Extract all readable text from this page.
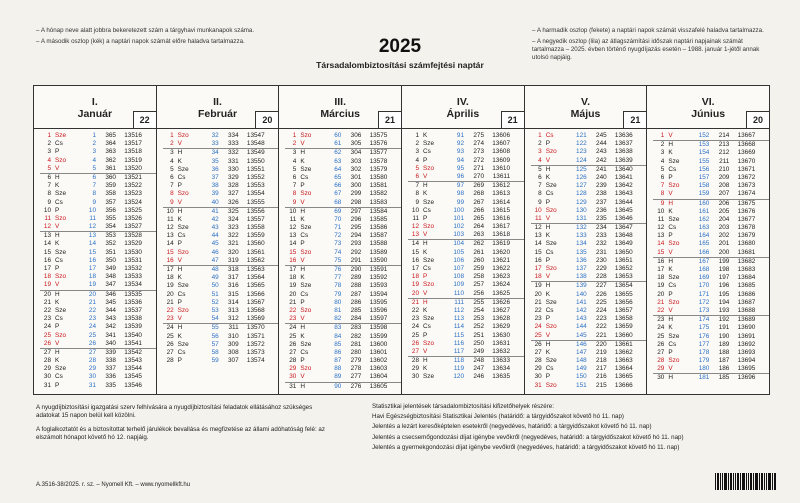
– A hónap neve alatt jobbra bekeretezett szám a tárgyhavi munkanapok száma.
– A második oszlop (kék) a naptári napok számát előre haladva tartalmazza.
– A harmadik oszlop (fekete) a naptári napok számát visszafelé haladva tartalmazza.
– A negyedik oszlop (lila) az átlagszámítási időszak naptári napjainak számát tartalmazza – 2025. évben történő nyugdíjazás esetén – 1988. január 1-jétől annak utolsó napjáig.
2025
Társadalombiztosítási számfejtési naptár
I.
Január	22
1 Sze	1	365	13516
2 Cs	2	364	13517
3 P	3	363	13518
4 Szo	4	362	13519
5 V	5	361	13520
6 H	6	360	13521
7 K	7	359	13522
8 Sze	8	358	13523
9 Cs	9	357	13524
10 P	10	356	13525
11 Szo	11	355	13526
12 V	12	354	13527
13 H	13	353	13528
14 K	14	352	13529
15 Sze	15	351	13530
16 Cs	16	350	13531
17 P	17	349	13532
18 Szo	18	348	13533
19 V	19	347	13534
20 H	20	346	13535
21 K	21	345	13536
22 Sze	22	344	13537
23 Cs	23	343	13538
24 P	24	342	13539
25 Szo	25	341	13540
26 V	26	340	13541
27 H	27	339	13542
28 K	28	338	13543
29 Sze	29	337	13544
30 Cs	30	336	13545
31 P	31	335	13546
II.
Február	20
1 Szo	32	334	13547
2 V	33	333	13548
3 H	34	332	13549
4 K	35	331	13550
5 Sze	36	330	13551
6 Cs	37	329	13552
7 P	38	328	13553
8 Szo	39	327	13554
9 V	40	326	13555
10 H	41	325	13556
11 K	42	324	13557
12 Sze	43	323	13558
13 Cs	44	322	13559
14 P	45	321	13560
15 Szo	46	320	13561
16 V	47	319	13562
17 H	48	318	13563
18 K	49	317	13564
19 Sze	50	316	13565
20 Cs	51	315	13566
21 P	52	314	13567
22 Szo	53	313	13568
23 V	54	312	13569
24 H	55	311	13570
25 K	56	310	13571
26 Sze	57	309	13572
27 Cs	58	308	13573
28 P	59	307	13574
III.
Március	21
1 Szo	60	306	13575
2 V	61	305	13576
3 H	62	304	13577
4 K	63	303	13578
5 Sze	64	302	13579
6 Cs	65	301	13580
7 P	66	300	13581
8 Szo	67	299	13582
9 V	68	298	13583
10 H	69	297	13584
11 K	70	296	13585
12 Sze	71	295	13586
13 Cs	72	294	13587
14 P	73	293	13588
15 Szo	74	292	13589
16 V	75	291	13590
17 H	76	290	13591
18 K	77	289	13592
19 Sze	78	288	13593
20 Cs	79	287	13594
21 P	80	286	13595
22 Szo	81	285	13596
23 V	82	284	13597
24 H	83	283	13598
25 K	84	282	13599
26 Sze	85	281	13600
27 Cs	86	280	13601
28 P	87	279	13602
29 Szo	88	278	13603
30 V	89	277	13604
31 H	90	276	13605
IV.
Április	21
1 K	91	275	13606
2 Sze	92	274	13607
3 Cs	93	273	13608
4 P	94	272	13609
5 Szo	95	271	13610
6 V	96	270	13611
7 H	97	269	13612
8 K	98	268	13613
9 Sze	99	267	13614
10 Cs	100	266	13615
11 P	101	265	13616
12 Szo	102	264	13617
13 V	103	263	13618
14 H	104	262	13619
15 K	105	261	13620
16 Sze	106	260	13621
17 Cs	107	259	13622
18 P	108	258	13623
19 Szo	109	257	13624
20 V	110	256	13625
21 H	111	255	13626
22 K	112	254	13627
23 Sze	113	253	13628
24 Cs	114	252	13629
25 P	115	251	13630
26 Szo	116	250	13631
27 V	117	249	13632
28 H	118	248	13633
29 K	119	247	13634
30 Sze	120	246	13635
V.
Május	21
1 Cs	121	245	13636
2 P	122	244	13637
3 Szo	123	243	13638
4 V	124	242	13639
5 H	125	241	13640
6 K	126	240	13641
7 Sze	127	239	13642
8 Cs	128	238	13643
9 P	129	237	13644
10 Szo	130	236	13645
11 V	131	235	13646
12 H	132	234	13647
13 K	133	233	13648
14 Sze	134	232	13649
15 Cs	135	231	13650
16 P	136	230	13651
17 Szo	137	229	13652
18 V	138	228	13653
19 H	139	227	13654
20 K	140	226	13655
21 Sze	141	225	13656
22 Cs	142	224	13657
23 P	143	223	13658
24 Szo	144	222	13659
25 V	145	221	13660
26 H	146	220	13661
27 K	147	219	13662
28 Sze	148	218	13663
29 Cs	149	217	13664
30 P	150	216	13665
31 Szo	151	215	13666
VI.
Június	20
1 V	152	214	13667
2 H	153	213	13668
3 K	154	212	13669
4 Sze	155	211	13670
5 Cs	156	210	13671
6 P	157	209	13672
7 Szo	158	208	13673
8 V	159	207	13674
9 H	160	206	13675
10 K	161	205	13676
11 Sze	162	204	13677
12 Cs	163	203	13678
13 P	164	202	13679
14 Szo	165	201	13680
15 V	166	200	13681
16 H	167	199	13682
17 K	168	198	13683
18 Sze	169	197	13684
19 Cs	170	196	13685
20 P	171	195	13686
21 Szo	172	194	13687
22 V	173	193	13688
23 H	174	192	13689
24 K	175	191	13690
25 Sze	176	190	13691
26 Cs	177	189	13692
27 P	178	188	13693
28 Szo	179	187	13694
29 V	180	186	13695
30 H	181	185	13696
A nyugdíjbiztosítási igazgatási szerv felhívására a nyugdíjbiztosítási feladatok ellátásához szükséges adatokat 15 napon belül kell közölni.
A foglalkoztatót és a biztosítottat terhelő járulékok bevallása és megfizetése az állami adóhatóság felé: az elszámolt hónapot követő hó 12. napjáig.
Statisztikai jelentések társadalombiztosítási kifizetőhelyek részére:
Havi Egészségbiztosítási Statisztikai Jelentés (határidő: a tárgyidőszakot követő hó 11. nap)
Jelentés a lezárt keresőképtelen esetekről (negyedéves, határidő: a tárgyidőszakot követő hó 11. nap)
Jelentés a csecsemőgondozási díjat igénybe vevőkről (negyedéves, határidő: a tárgyidőszakot követő hó 11. nap)
Jelentés a gyermekgondozási díjat igénybe vevőkről (negyedéves, határidő: a tárgyidőszakot követő hó 11. nap)
A.3516-38/2025. r. sz. – Nyomell Kft. – www.nyomellkft.hu
